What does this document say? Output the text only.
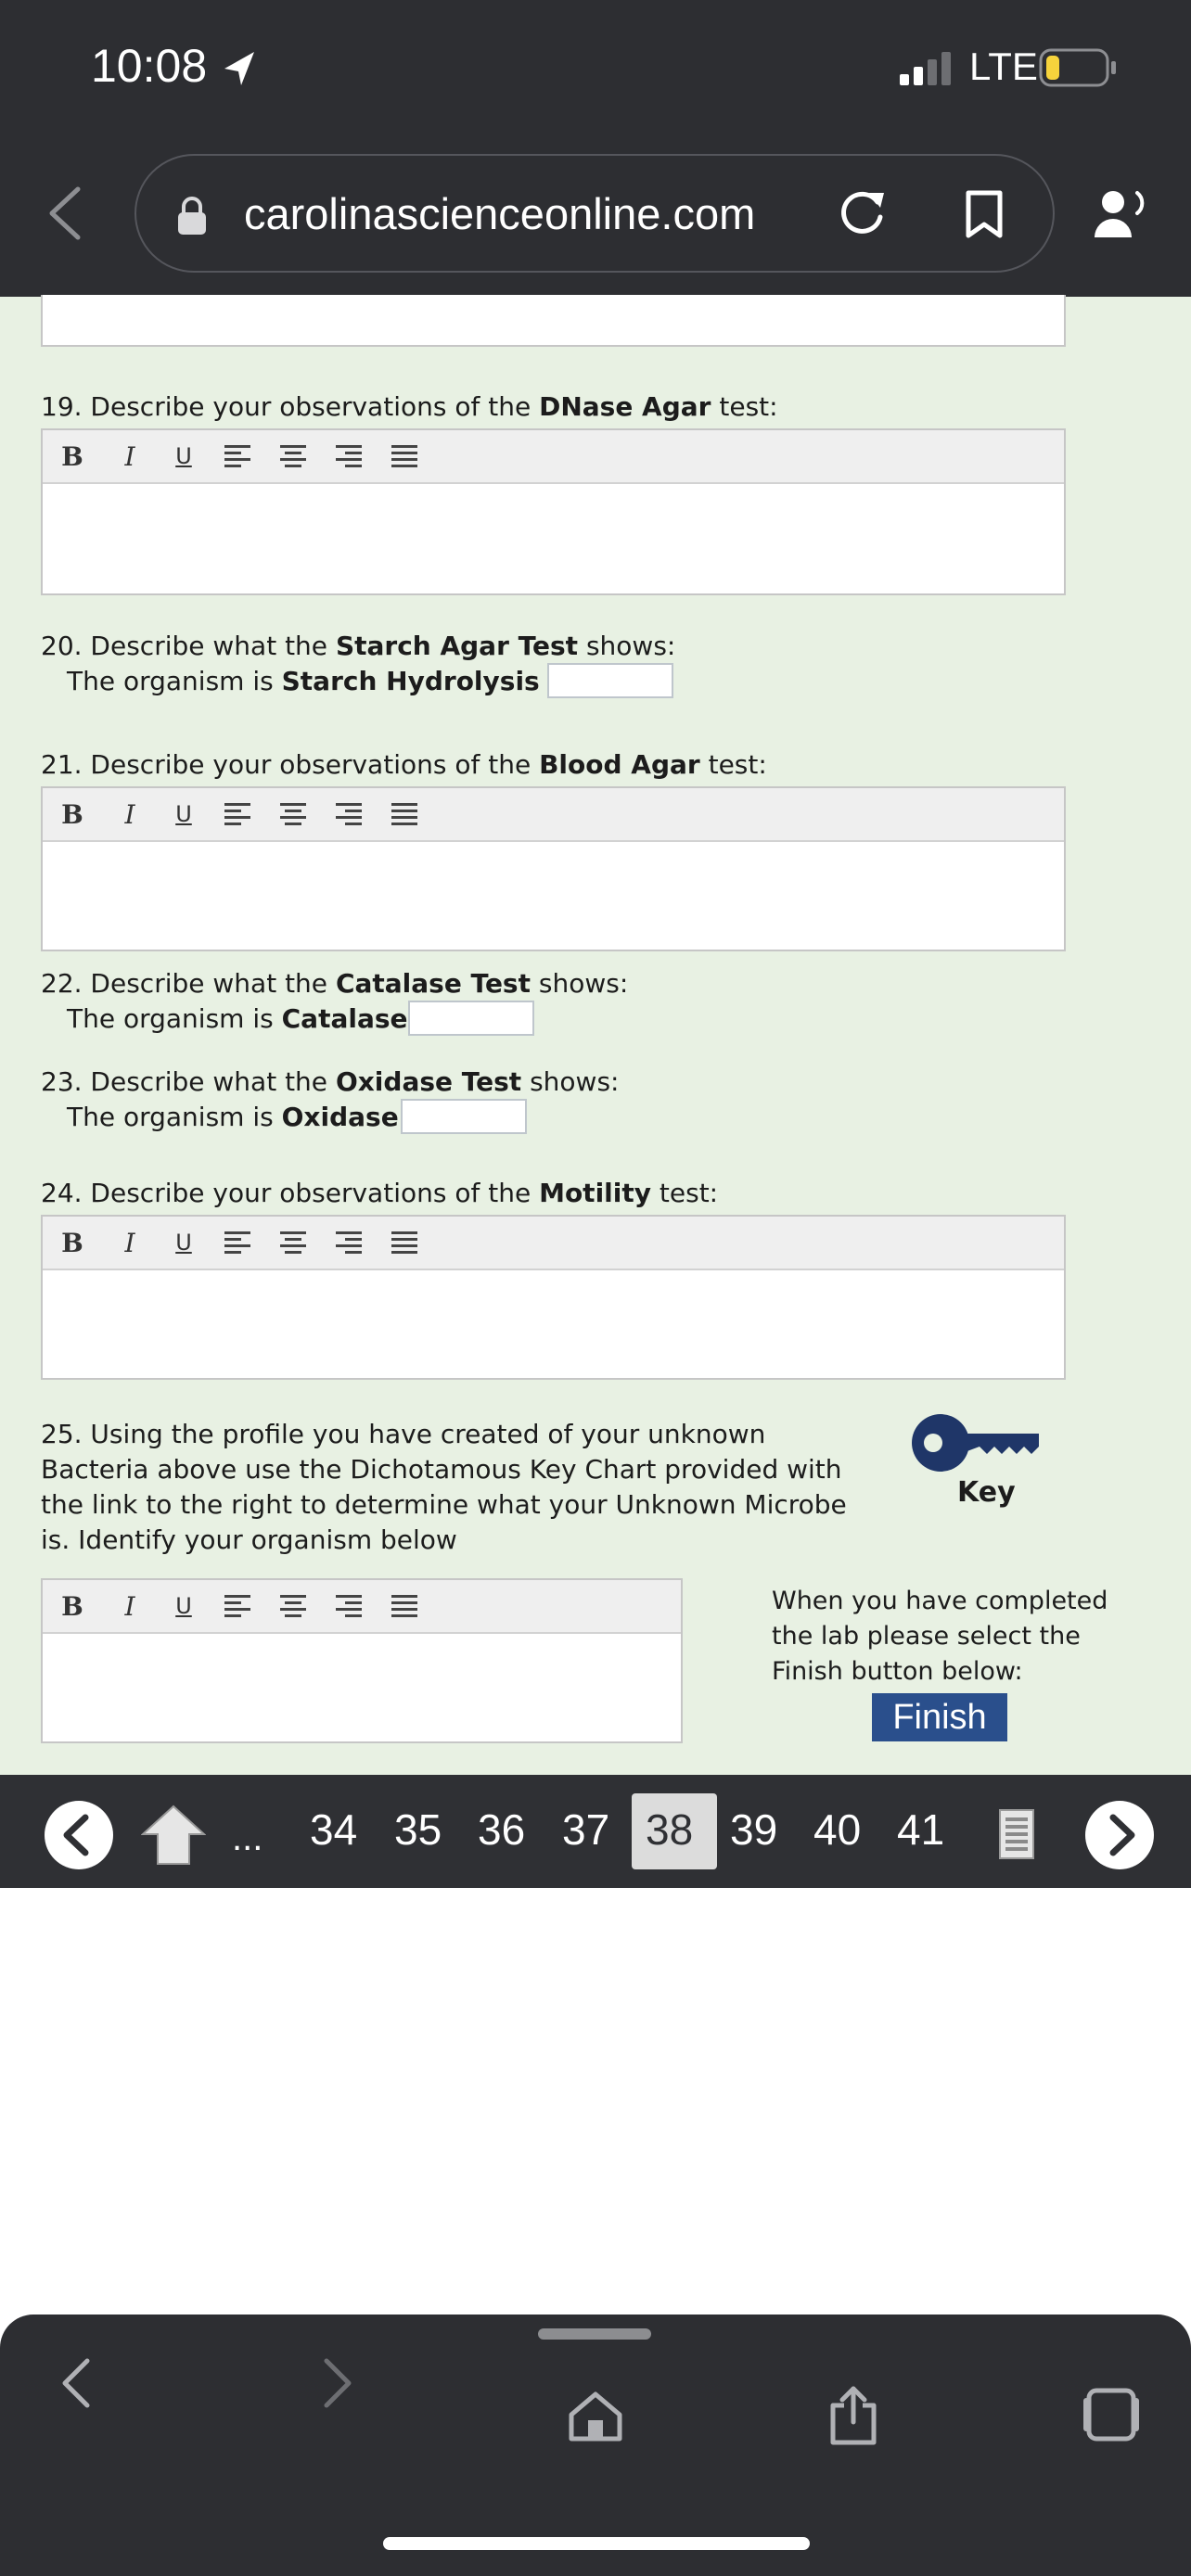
10:08	LTE
carolinascienceonline.com
19. Describe your observations of the DNase Agar test:
B	I	U
20. Describe what the Starch Agar Test shows:
The organism is Starch Hydrolysis
21. Describe your observations of the Blood Agar test:
B	I	U
22. Describe what the Catalase Test shows:
The organism is Catalase
23. Describe what the Oxidase Test shows:
The organism is Oxidase
24. Describe your observations of the Motility test:
B	I	U
25. Using the profile you have created of your unknown
Bacteria above use the Dichotamous Key Chart provided with
the link to the right to determine what your Unknown Microbe
is. Identify your organism below
Key
B	I	U	When you have completed
the lab please select the
Finish button below:
Finish
... 34 35 36 37 38 39 40 41
